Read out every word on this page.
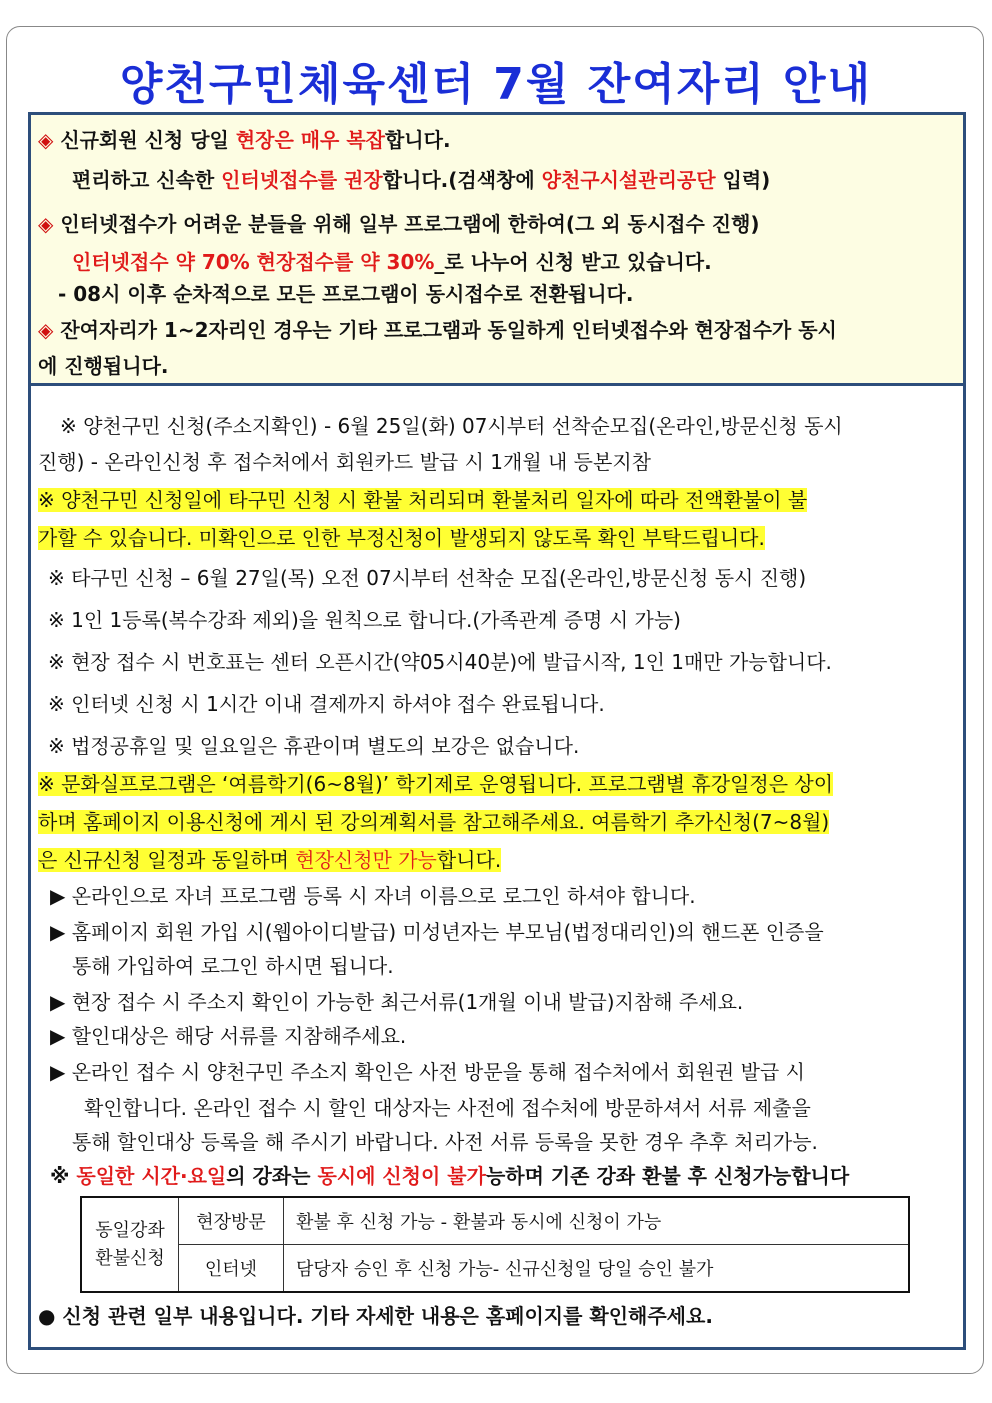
양천구민체육센터 7월 잔여자리 안내
◈ 신규회원 신청 당일 현장은 매우 복잡합니다.
편리하고 신속한 인터넷접수를 권장합니다.(검색창에 양천구시설관리공단 입력)
◈ 인터넷접수가 어려운 분들을 위해 일부 프로그램에 한하여(그 외 동시접수 진행)
인터넷접수 약 70% 현장접수를 약 30%_로 나누어 신청 받고 있습니다.
- 08시 이후 순차적으로 모든 프로그램이 동시접수로 전환됩니다.
◈ 잔여자리가 1~2자리인 경우는 기타 프로그램과 동일하게 인터넷접수와 현장접수가 동시
에 진행됩니다.
※ 양천구민 신청(주소지확인) - 6월 25일(화) 07시부터 선착순모집(온라인,방문신청 동시
진행) - 온라인신청 후 접수처에서 회원카드 발급 시 1개월 내 등본지참
※ 양천구민 신청일에 타구민 신청 시 환불 처리되며 환불처리 일자에 따라 전액환불이 불
가할 수 있습니다. 미확인으로 인한 부정신청이 발생되지 않도록 확인 부탁드립니다.
※ 타구민 신청 – 6월 27일(목) 오전 07시부터 선착순 모집(온라인,방문신청 동시 진행)
※ 1인 1등록(복수강좌 제외)을 원칙으로 합니다.(가족관계 증명 시 가능)
※ 현장 접수 시 번호표는 센터 오픈시간(약05시40분)에 발급시작, 1인 1매만 가능합니다.
※ 인터넷 신청 시 1시간 이내 결제까지 하셔야 접수 완료됩니다.
※ 법정공휴일 및 일요일은 휴관이며 별도의 보강은 없습니다.
※ 문화실프로그램은 ‘여름학기(6~8월)’ 학기제로 운영됩니다. 프로그램별 휴강일정은 상이
하며 홈페이지 이용신청에 게시 된 강의계획서를 참고해주세요. 여름학기 추가신청(7~8월)
은 신규신청 일정과 동일하며 현장신청만 가능합니다.
▶ 온라인으로 자녀 프로그램 등록 시 자녀 이름으로 로그인 하셔야 합니다.
▶ 홈페이지 회원 가입 시(웹아이디발급) 미성년자는 부모님(법정대리인)의 핸드폰 인증을
통해 가입하여 로그인 하시면 됩니다.
▶ 현장 접수 시 주소지 확인이 가능한 최근서류(1개월 이내 발급)지참해 주세요.
▶ 할인대상은 해당 서류를 지참해주세요.
▶ 온라인 접수 시 양천구민 주소지 확인은 사전 방문을 통해 접수처에서 회원권 발급 시
확인합니다. 온라인 접수 시 할인 대상자는 사전에 접수처에 방문하셔서 서류 제출을
통해 할인대상 등록을 해 주시기 바랍니다. 사전 서류 등록을 못한 경우 추후 처리가능.
※ 동일한 시간·요일의 강좌는 동시에 신청이 불가능하며 기존 강좌 환불 후 신청가능합니다
동일강좌
환불신청	현장방문	환불 후 신청 가능 - 환불과 동시에 신청이 가능
	인터넷	담당자 승인 후 신청 가능- 신규신청일 당일 승인 불가
● 신청 관련 일부 내용입니다. 기타 자세한 내용은 홈페이지를 확인해주세요.
